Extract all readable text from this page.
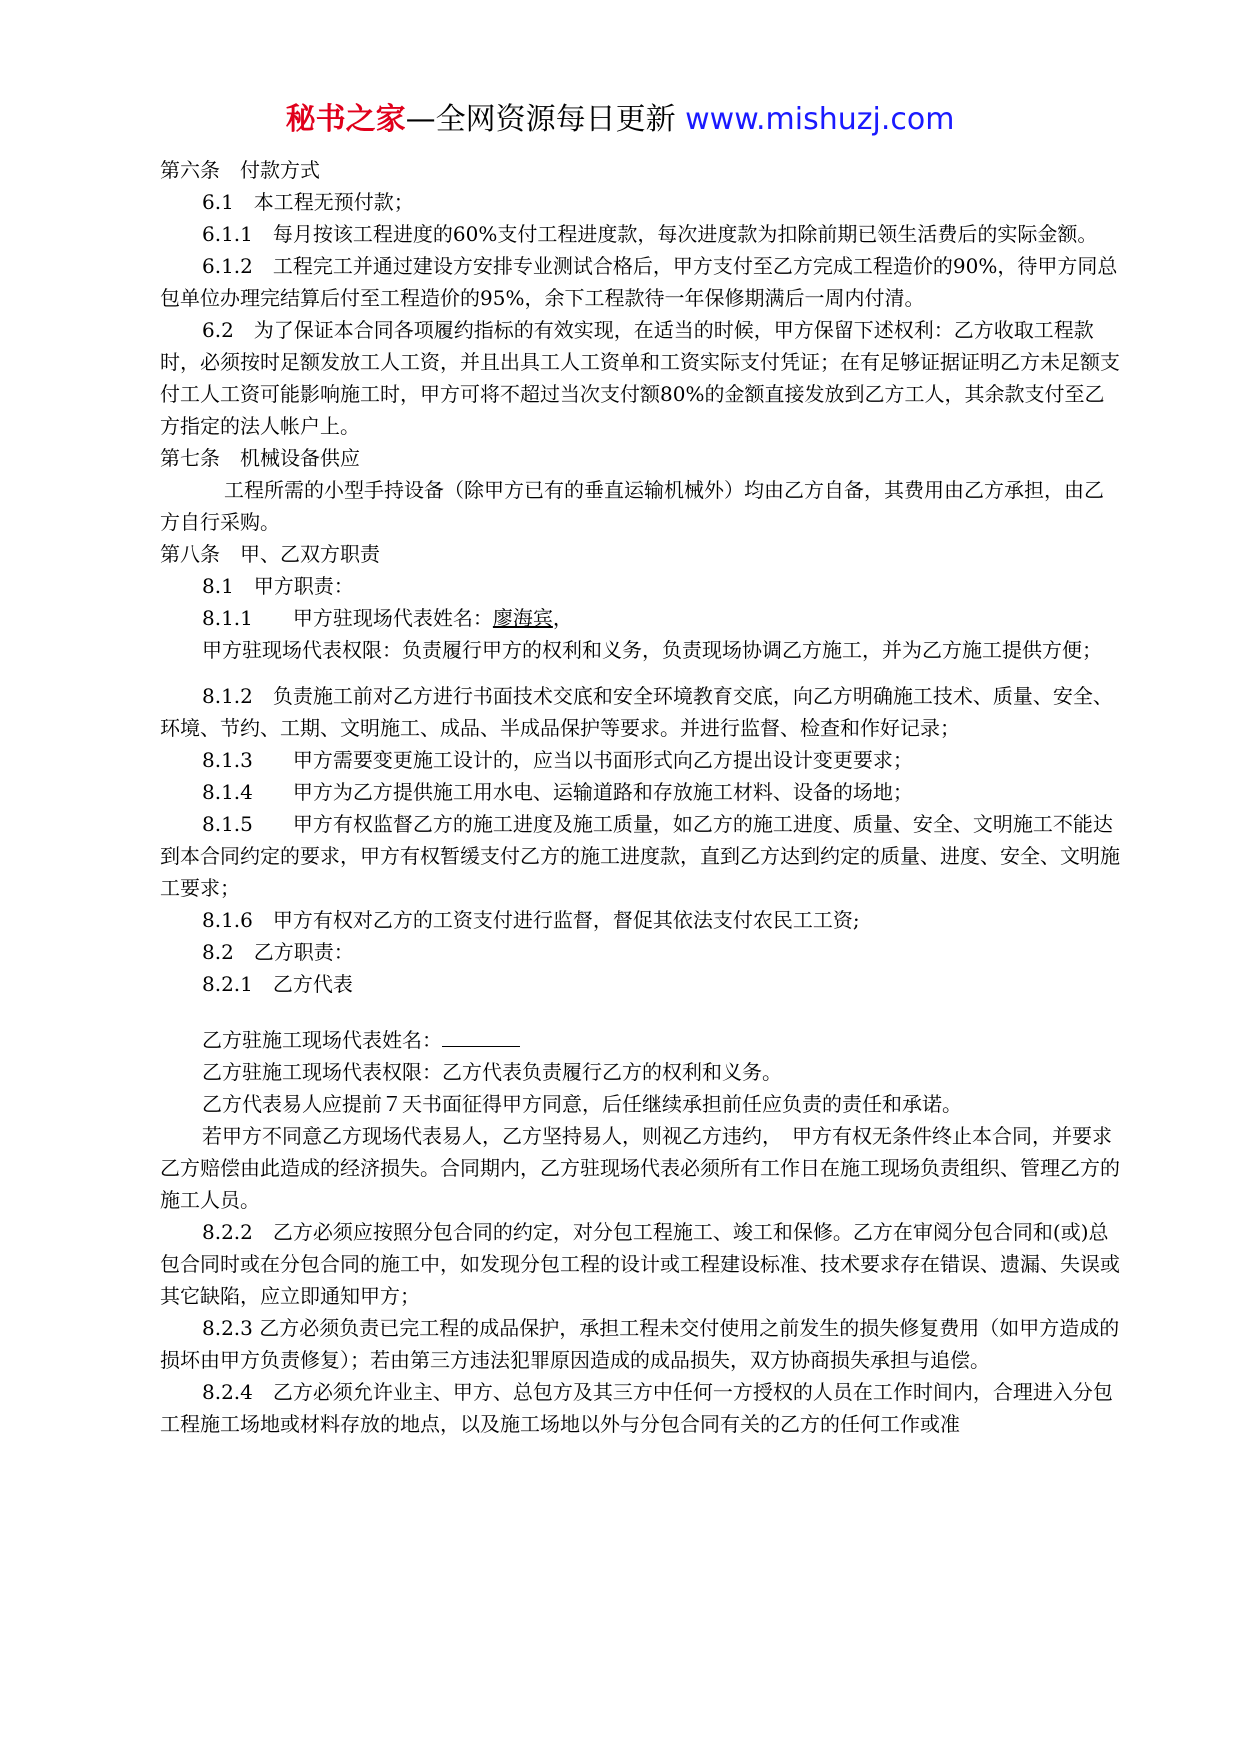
秘书之家—全网资源每日更新 www.mishuzj.com

第六条　付款方式

6.1　本工程无预付款；

6.1.1　每月按该工程进度的60%支付工程进度款，每次进度款为扣除前期已领生活费后的实际金额。

6.1.2　工程完工并通过建设方安排专业测试合格后，甲方支付至乙方完成工程造价的90%，待甲方同总包单位办理完结算后付至工程造价的95%，余下工程款待一年保修期满后一周内付清。

6.2　为了保证本合同各项履约指标的有效实现，在适当的时候，甲方保留下述权利：乙方收取工程款时，必须按时足额发放工人工资，并且出具工人工资单和工资实际支付凭证；在有足够证据证明乙方未足额支付工人工资可能影响施工时，甲方可将不超过当次支付额80%的金额直接发放到乙方工人，其余款支付至乙方指定的法人帐户上。

第七条　机械设备供应

工程所需的小型手持设备（除甲方已有的垂直运输机械外）均由乙方自备，其费用由乙方承担，由乙方自行采购。

第八条　甲、乙双方职责

8.1　甲方职责：

8.1.1　　甲方驻现场代表姓名：廖海宾，

甲方驻现场代表权限：负责履行甲方的权利和义务，负责现场协调乙方施工，并为乙方施工提供方便；

8.1.2　负责施工前对乙方进行书面技术交底和安全环境教育交底，向乙方明确施工技术、质量、安全、环境、节约、工期、文明施工、成品、半成品保护等要求。并进行监督、检查和作好记录；

8.1.3　　甲方需要变更施工设计的，应当以书面形式向乙方提出设计变更要求；

8.1.4　　甲方为乙方提供施工用水电、运输道路和存放施工材料、设备的场地；

8.1.5　　甲方有权监督乙方的施工进度及施工质量，如乙方的施工进度、质量、安全、文明施工不能达到本合同约定的要求，甲方有权暂缓支付乙方的施工进度款，直到乙方达到约定的质量、进度、安全、文明施工要求；

8.1.6　甲方有权对乙方的工资支付进行监督，督促其依法支付农民工工资;

8.2　乙方职责：

8.2.1　乙方代表

乙方驻施工现场代表姓名：

乙方驻施工现场代表权限：乙方代表负责履行乙方的权利和义务。

乙方代表易人应提前７天书面征得甲方同意，后任继续承担前任应负责的责任和承诺。

若甲方不同意乙方现场代表易人，乙方坚持易人，则视乙方违约，　甲方有权无条件终止本合同，并要求乙方赔偿由此造成的经济损失。合同期内，乙方驻现场代表必须所有工作日在施工现场负责组织、管理乙方的施工人员。

8.2.2　乙方必须应按照分包合同的约定，对分包工程施工、竣工和保修。乙方在审阅分包合同和(或)总包合同时或在分包合同的施工中，如发现分包工程的设计或工程建设标准、技术要求存在错误、遗漏、失误或其它缺陷，应立即通知甲方；

8.2.3 乙方必须负责已完工程的成品保护，承担工程未交付使用之前发生的损失修复费用（如甲方造成的损坏由甲方负责修复）；若由第三方违法犯罪原因造成的成品损失，双方协商损失承担与追偿。

8.2.4　乙方必须允许业主、甲方、总包方及其三方中任何一方授权的人员在工作时间内，合理进入分包工程施工场地或材料存放的地点，以及施工场地以外与分包合同有关的乙方的任何工作或准
